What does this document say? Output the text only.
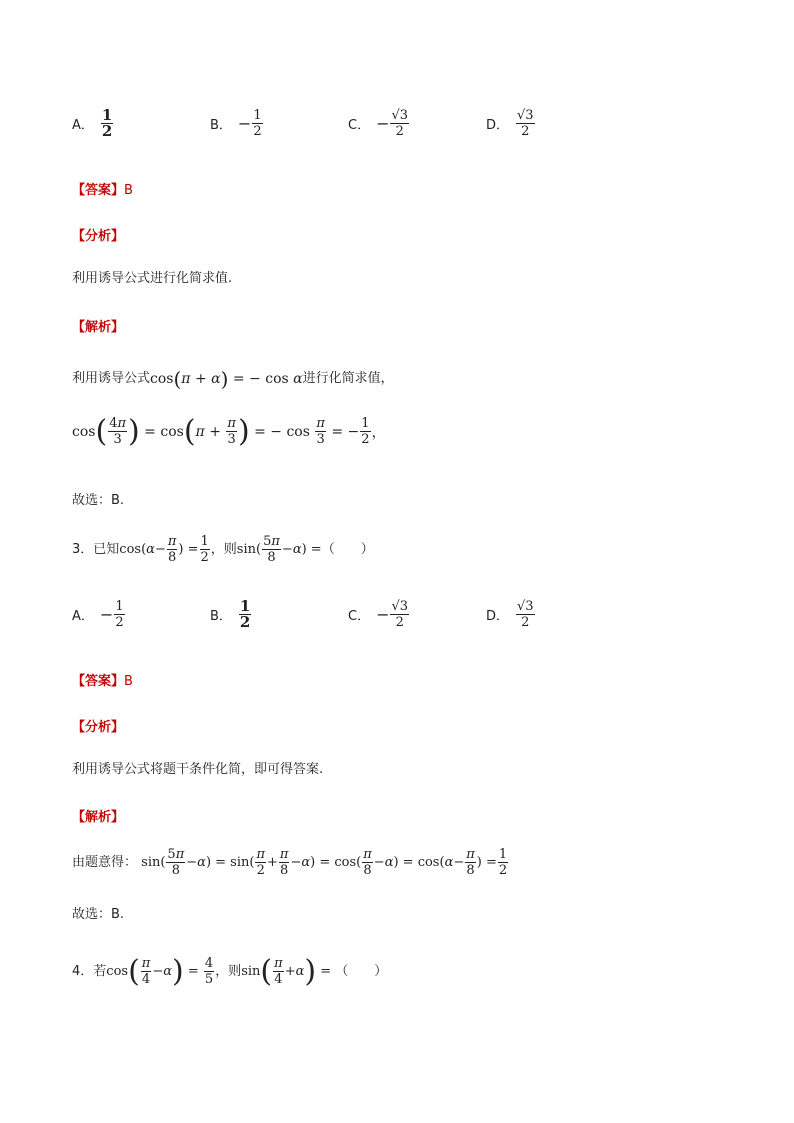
A． $\frac{1}{2}$	B． − $\frac{1}{2}$	C． − $\frac{√3}{2}$	D． $\frac{√3}{2}$
【答案】B
【分析】
利用诱导公式进行化简求值.
【解析】
利用诱导公式 cos(π + α) = − cos α 进行化简求值，
cos ( $\frac{4\pi}{3}$ ) = cos ( $\pi + \frac{\pi}{3}$ ) = − $\cos \frac{\pi}{3}$ = − $\frac{1}{2}$ ，
故选：B.
3． 已知 $\cos(\alpha- \frac{\pi}{8}$ ) = $\frac{1}{2}$ ，则 $\sin( \frac{5\pi}{8} -\alpha)$ = （　　）
A． − $\frac{1}{2}$	B． $\frac{1}{2}$	C． − $\frac{√3}{2}$	D． $\frac{√3}{2}$
【答案】B
【分析】
利用诱导公式将题干条件化简，即可得答案.
【解析】
由题意得： $\sin( \frac{5\pi}{8} -\alpha) = \sin( \frac{\pi}{2} + \frac{\pi}{8} -\alpha) = \cos( \frac{\pi}{8} -\alpha) = \cos(\alpha- \frac{\pi}{8}$ ) = $\frac{1}{2}$
故选：B.
4． 若 cos ( $\frac{\pi}{4} -\alpha$ ) = $\frac{4}{5}$ ，则 sin ( $\frac{\pi}{4} +\alpha$ ) = （　　）
